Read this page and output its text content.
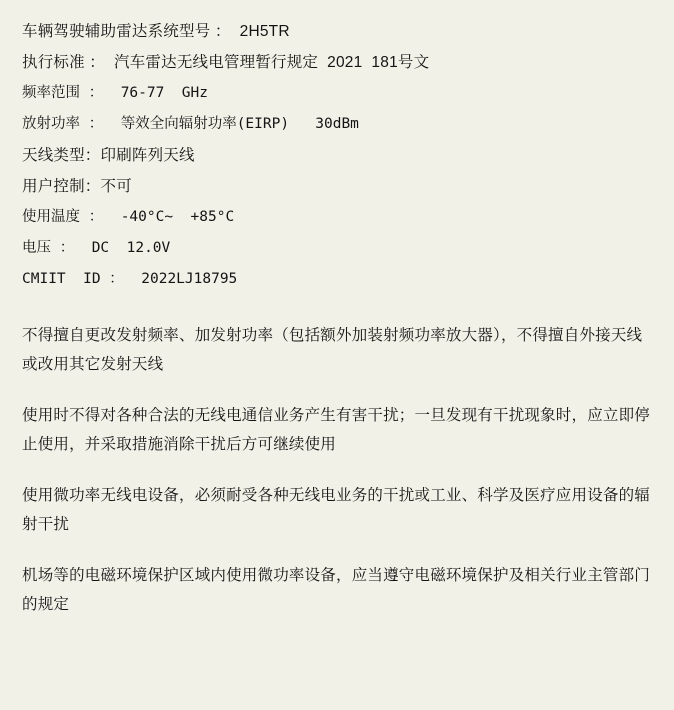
车辆驾驶辅助雷达系统型号 ：  2H5TR
执行标准 ：  汽车雷达无线电管理暂行规定  2021  181号文
频率范围 ：  76-77  GHz
放射功率 ：  等效全向辐射功率(EIRP)   30dBm
天线类型：印刷阵列天线
用户控制：不可
使用温度 ：  -40°C~  +85°C
电压 ：  DC  12.0V
CMIIT  ID ：  2022LJ18795

不得擅自更改发射频率、加发射功率（包括额外加装射频功率放大器），不得擅自外接天线或改用其它发射天线

使用时不得对各种合法的无线电通信业务产生有害干扰；一旦发现有干扰现象时，应立即停止使用，并采取措施消除干扰后方可继续使用

使用微功率无线电设备，必须耐受各种无线电业务的干扰或工业、科学及医疗应用设备的辐射干扰

机场等的电磁环境保护区域内使用微功率设备，应当遵守电磁环境保护及相关行业主管部门的规定
